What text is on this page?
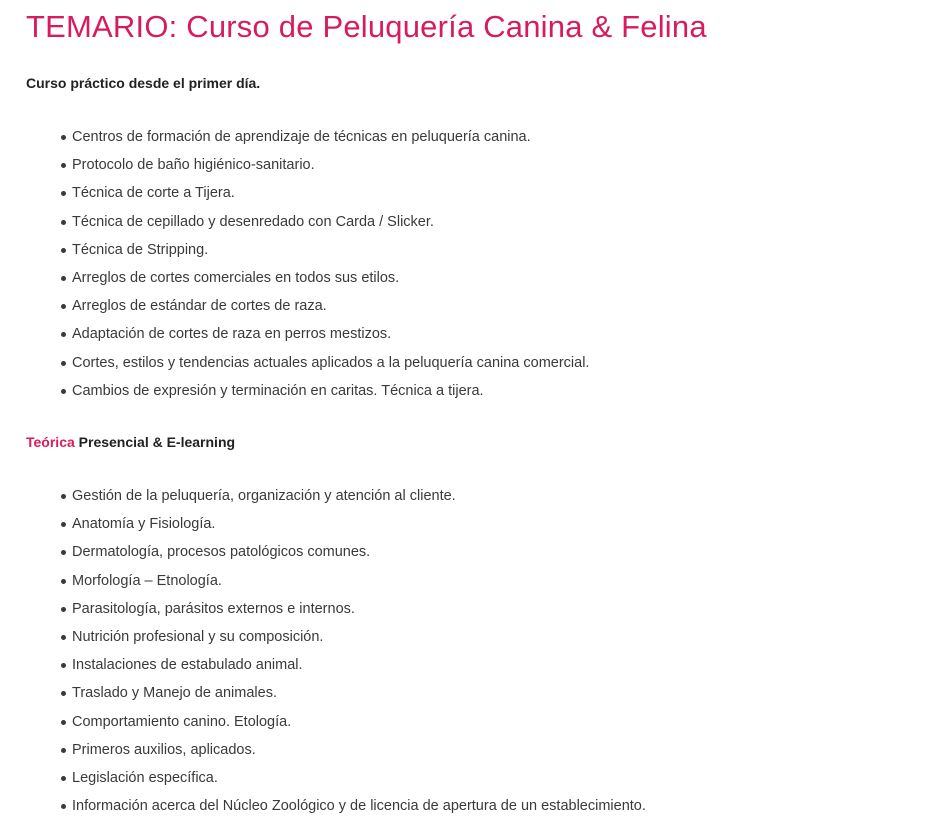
TEMARIO: Curso de Peluquería Canina & Felina

Curso práctico desde el primer día.

Centros de formación de aprendizaje de técnicas en peluquería canina.
Protocolo de baño higiénico-sanitario.
Técnica de corte a Tijera.
Técnica de cepillado y desenredado con Carda / Slicker.
Técnica de Stripping.
Arreglos de cortes comerciales en todos sus etilos.
Arreglos de estándar de cortes de raza.
Adaptación de cortes de raza en perros mestizos.
Cortes, estilos y tendencias actuales aplicados a la peluquería canina comercial.
Cambios de expresión y terminación en caritas. Técnica a tijera.

Teórica Presencial & E-learning

Gestión de la peluquería, organización y atención al cliente.
Anatomía y Fisiología.
Dermatología, procesos patológicos comunes.
Morfología – Etnología.
Parasitología, parásitos externos e internos.
Nutrición profesional y su composición.
Instalaciones de estabulado animal.
Traslado y Manejo de animales.
Comportamiento canino. Etología.
Primeros auxilios, aplicados.
Legislación específica.
Información acerca del Núcleo Zoológico y de licencia de apertura de un establecimiento.
